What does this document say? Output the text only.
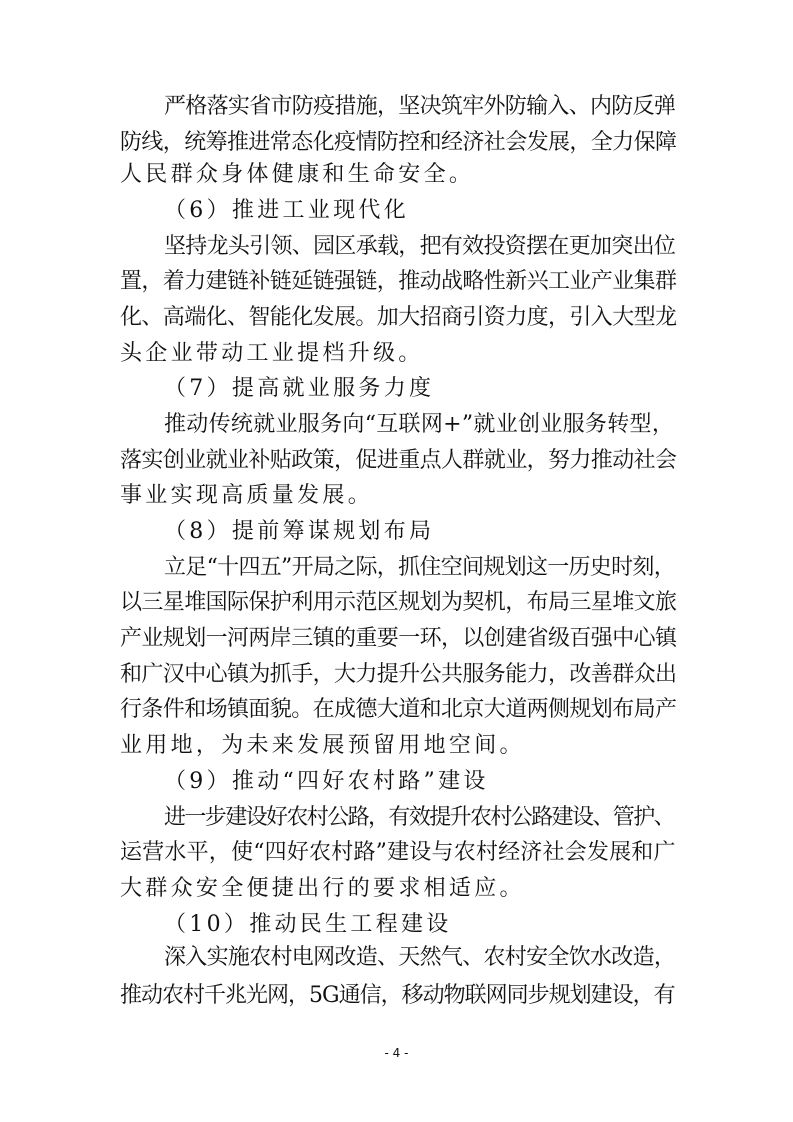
严格落实省市防疫措施，坚决筑牢外防输入、内防反弹
防线，统筹推进常态化疫情防控和经济社会发展，全力保障
人民群众身体健康和生命安全。
（6）推进工业现代化
坚持龙头引领、园区承载，把有效投资摆在更加突出位
置，着力建链补链延链强链，推动战略性新兴工业产业集群
化、高端化、智能化发展。加大招商引资力度，引入大型龙
头企业带动工业提档升级。
（7）提高就业服务力度
推动传统就业服务向“互联网+”就业创业服务转型，
落实创业就业补贴政策，促进重点人群就业，努力推动社会
事业实现高质量发展。
（8）提前筹谋规划布局
立足“十四五”开局之际，抓住空间规划这一历史时刻，
以三星堆国际保护利用示范区规划为契机，布局三星堆文旅
产业规划一河两岸三镇的重要一环，以创建省级百强中心镇
和广汉中心镇为抓手，大力提升公共服务能力，改善群众出
行条件和场镇面貌。在成德大道和北京大道两侧规划布局产
业用地，为未来发展预留用地空间。
（9）推动“四好农村路”建设
进一步建设好农村公路，有效提升农村公路建设、管护、
运营水平，使“四好农村路”建设与农村经济社会发展和广
大群众安全便捷出行的要求相适应。
（10）推动民生工程建设
深入实施农村电网改造、天然气、农村安全饮水改造，
推动农村千兆光网，5G通信，移动物联网同步规划建设，有
- 4 -
